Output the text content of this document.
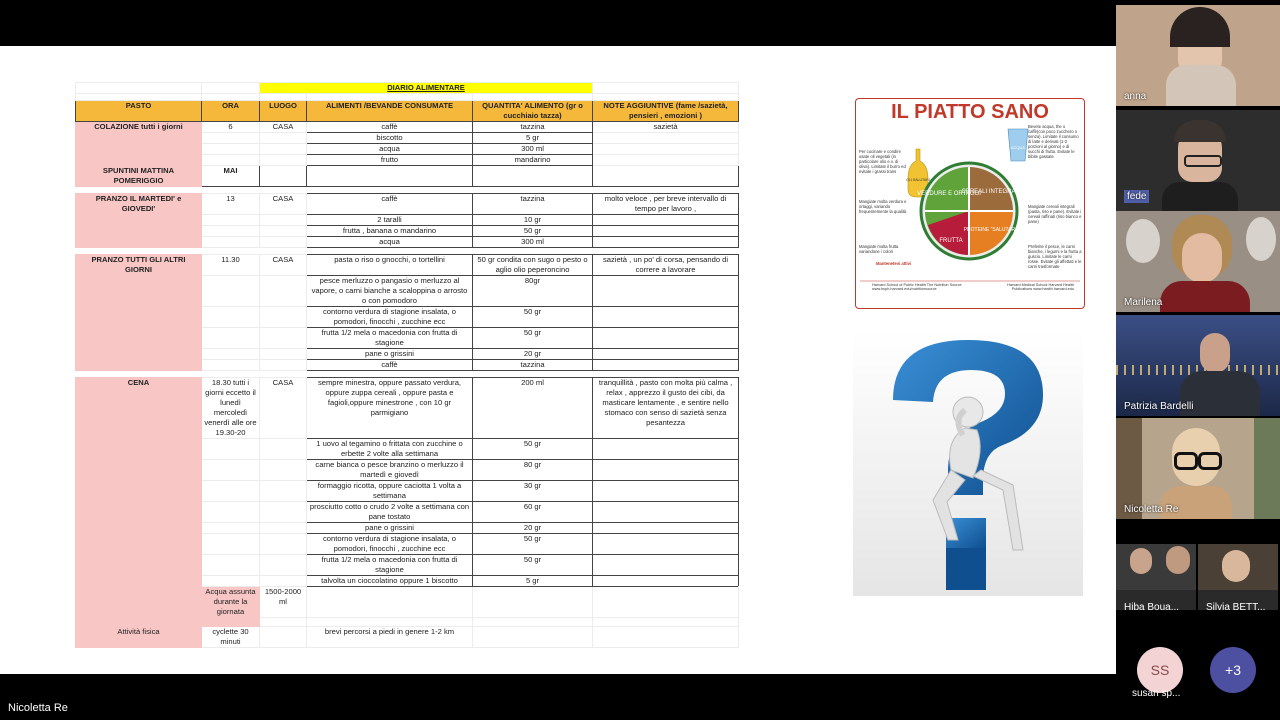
		DIARIO ALIMENTARE				

PASTO	ORA	LUOGO	ALIMENTI /BEVANDE CONSUMATE	QUANTITA' ALIMENTO (gr o cucchiaio tazza)	NOTE AGGIUNTIVE (fame /sazietà, pensieri , emozioni )	
COLAZIONE tutti i giorni	6	CASA	caffè	tazzina	sazietà	
			biscotto	5 gr		
			acqua	300 ml		
			frutto	mandarino		
SPUNTINI MATTINA POMERIGGIO	MAI					

PRANZO IL MARTEDI' e GIOVEDI'	13	CASA	caffè	tazzina	molto veloce , per breve intervallo di tempo per lavoro ,	
			2 taralli	10 gr		
			frutta , banana o mandarino	50 gr		
			acqua	300 ml		

PRANZO TUTTI GLI ALTRI GIORNI	11.30	CASA	pasta o riso o gnocchi, o tortellini	50 gr condita con sugo o pesto o aglio olio peperoncino	sazietà , un po' di corsa, pensando di correre a lavorare	
			pesce merluzzo o pangasio o merluzzo al vapore, o carni bianche a scaloppina o arrosto o con pomodoro	80gr		
			contorno verdura di stagione insalata, o pomodori, finocchi , zucchine ecc	50 gr		
			frutta 1/2 mela o macedonia con frutta di stagione	50 gr		
			pane o grissini	20 gr		
			caffè	tazzina		

CENA	18.30 tutti i giorni eccetto il lunedì mercoledì venerdì alle ore 19.30-20	CASA	sempre minestra, oppure passato verdura, oppure zuppa cereali , oppure pasta e fagioli,oppure minestrone , con 10 gr parmigiano	200 ml	tranquillità , pasto con molta più calma , relax , apprezzo il gusto dei cibi, da masticare lentamente , e sentire nello stomaco con senso di sazietà senza pesantezza	
			1 uovo al tegamino o frittata con zucchine o erbette 2 volte alla settimana	50 gr		
			carne bianca o pesce branzino o merluzzo il martedì e giovedì	80 gr		
			formaggio ricotta, oppure caciotta 1 volta a settimana	30 gr		
			prosciutto cotto o crudo 2 volte a settimana con pane tostato	60 gr		
			pane o grissini	20 gr		
			contorno verdura di stagione insalata, o pomodori, finocchi , zucchine ecc	50 gr		
			frutta 1/2 mela o macedonia con frutta di stagione	50 gr		
			talvolta un cioccolatino oppure 1 biscotto	5 gr		
	Acqua assunta durante la giornata	1500-2000 ml				

Attività fisica	cyclette 30 minuti		brevi percorsi a piedi in genere 1-2 km			
IL PIATTO SANO
Per cucinare e condire usate oli vegetali (in particolare olio e.v. di oliva). Limitate il burro ed evitate i grassi trans
Mangiate molta verdura e ortaggi, variando frequentemente la qualità
Mangiate molta frutta variandone i colori
Bevete acqua, the o caffè(con poco zucchero o senza). Limitate il consumo di latte e derivati (1-2 porzioni al giorno) e di succhi di frutta. Evitate le bibite gassate
Mangiate cereali integrali (pasta, riso e pane). Evitate i cereali raffinati (riso bianco e pane)
Preferite il pesce, le carni bianche, i legumi e la frutta a guscio. Limitate le carni rosse. Evitate gli affettati e le carni trasformate
VERDURE E ORTAGGI
CEREALI INTEGRALI
FRUTTA
PROTEINE "SALUTARI"
OLI SALUTARI
ACQUA
Mantenetevi attivi
Harvard School of Public Health The Nutrition Source www.hsph.harvard.edu/nutritionsource
Harvard Medical School Harvard Health Publications www.health.harvard.edu
anna
fede
Marilena
Patrizia Bardelli
Nicoletta Re
Hiba Boua...	Silvia BETT...
SS
susan sp...
+3
Nicoletta Re
